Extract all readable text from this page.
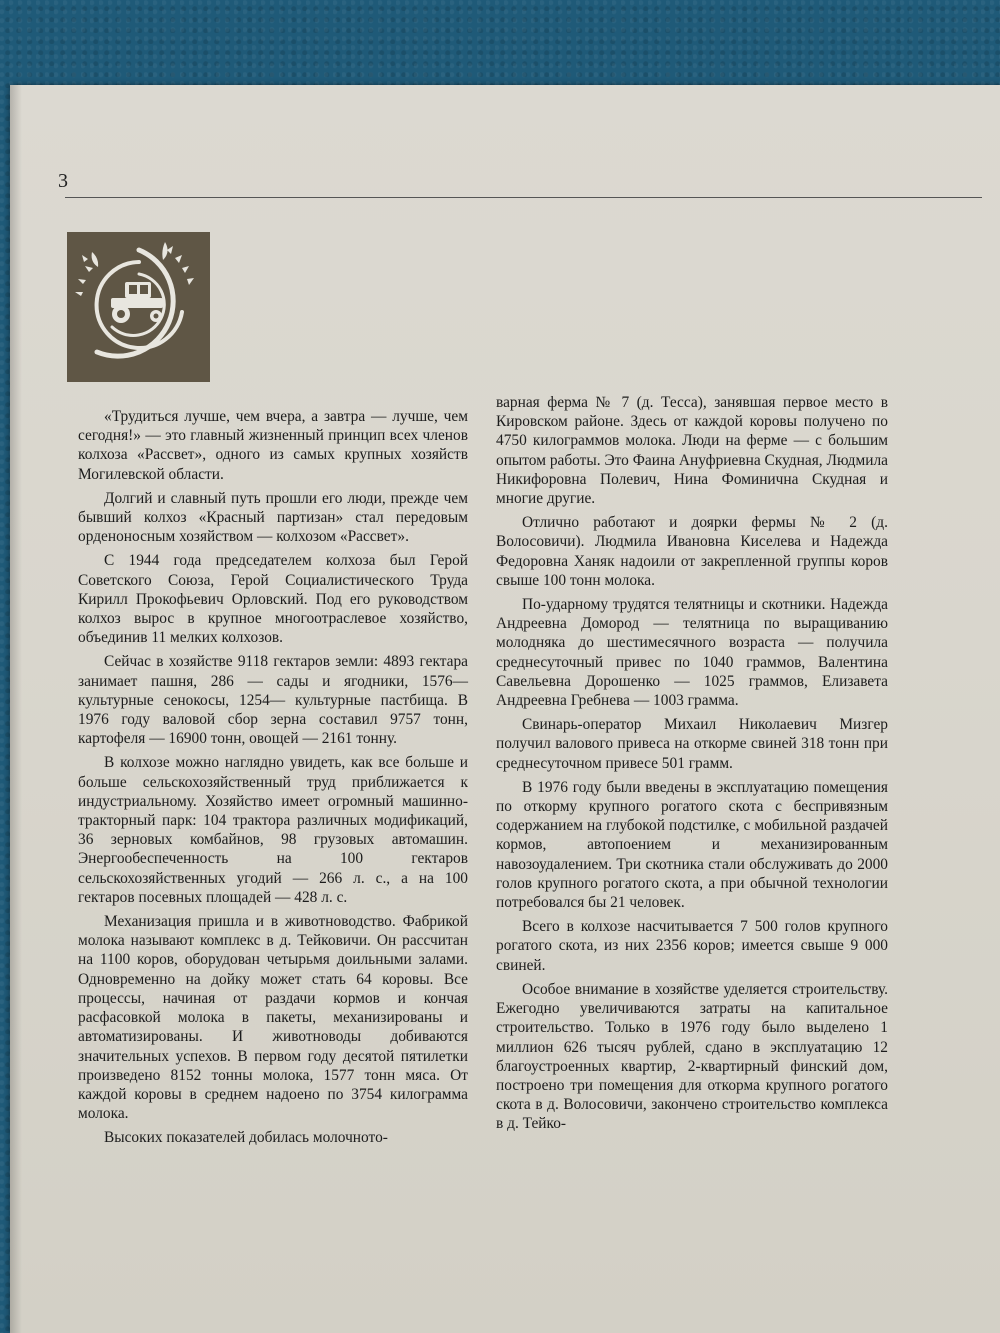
3

«Трудиться лучше, чем вчера, а завтра — лучше, чем сегодня!» — это главный жизненный принцип всех членов колхоза «Рассвет», одного из самых крупных хозяйств Могилевской области.

Долгий и славный путь прошли его люди, прежде чем бывший колхоз «Красный партизан» стал передовым орденоносным хозяйством — колхозом «Рассвет».

С 1944 года председателем колхоза был Герой Советского Союза, Герой Социалистического Труда Кирилл Прокофьевич Орловский. Под его руководством колхоз вырос в крупное многоотраслевое хозяйство, объединив 11 мелких колхозов.

Сейчас в хозяйстве 9118 гектаров земли: 4893 гектара занимает пашня, 286 — сады и ягодники, 1576—культурные сенокосы, 1254— культурные пастбища. В 1976 году валовой сбор зерна составил 9757 тонн, картофеля — 16900 тонн, овощей — 2161 тонну.

В колхозе можно наглядно увидеть, как все больше и больше сельскохозяйственный труд приближается к индустриальному. Хозяйство имеет огромный машинно-тракторный парк: 104 трактора различных модификаций, 36 зерновых комбайнов, 98 грузовых автомашин. Энергообеспеченность на 100 гектаров сельскохозяйственных угодий — 266 л. с., а на 100 гектаров посевных площадей — 428 л. с.

Механизация пришла и в животноводство. Фабрикой молока называют комплекс в д. Тейковичи. Он рассчитан на 1100 коров, оборудован четырьмя доильными залами. Одновременно на дойку может стать 64 коровы. Все процессы, начиная от раздачи кормов и кончая расфасовкой молока в пакеты, механизированы и автоматизированы. И животноводы добиваются значительных успехов. В первом году десятой пятилетки произведено 8152 тонны молока, 1577 тонн мяса. От каждой коровы в среднем надоено по 3754 килограмма молока.

Высоких показателей добилась молочното-

варная ферма № 7 (д. Тесса), занявшая первое место в Кировском районе. Здесь от каждой коровы получено по 4750 килограммов молока. Люди на ферме — с большим опытом работы. Это Фаина Ануфриевна Скудная, Людмила Никифоровна Полевич, Нина Фоминична Скудная и многие другие.

Отлично работают и доярки фермы № 2 (д. Волосовичи). Людмила Ивановна Киселева и Надежда Федоровна Ханяк надоили от закрепленной группы коров свыше 100 тонн молока.

По-ударному трудятся телятницы и скотники. Надежда Андреевна Домород — телятница по выращиванию молодняка до шестимесячного возраста — получила среднесуточный привес по 1040 граммов, Валентина Савельевна Дорошенко — 1025 граммов, Елизавета Андреевна Гребнева — 1003 грамма.

Свинарь-оператор Михаил Николаевич Мизгер получил валового привеса на откорме свиней 318 тонн при среднесуточном привесе 501 грамм.

В 1976 году были введены в эксплуатацию помещения по откорму крупного рогатого скота с беспривязным содержанием на глубокой подстилке, с мобильной раздачей кормов, автопоением и механизированным навозоудалением. Три скотника стали обслуживать до 2000 голов крупного рогатого скота, а при обычной технологии потребовался бы 21 человек.

Всего в колхозе насчитывается 7 500 голов крупного рогатого скота, из них 2356 коров; имеется свыше 9 000 свиней.

Особое внимание в хозяйстве уделяется строительству. Ежегодно увеличиваются затраты на капитальное строительство. Только в 1976 году было выделено 1 миллион 626 тысяч рублей, сдано в эксплуатацию 12 благоустроенных квартир, 2-квартирный финский дом, построено три помещения для откорма крупного рогатого скота в д. Волосовичи, закончено строительство комплекса в д. Тейко-
